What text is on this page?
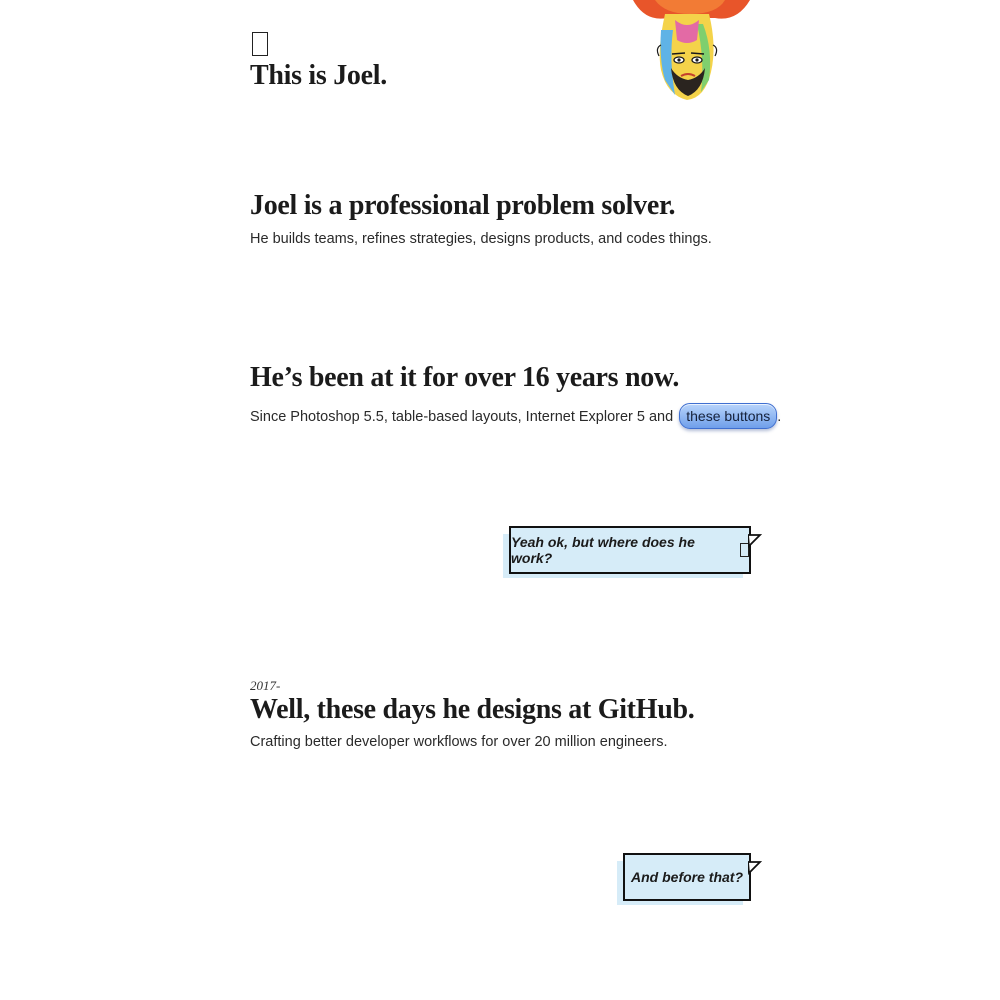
This is Joel.
Joel is a professional problem solver.

He builds teams, refines strategies, designs products, and codes things.

He’s been at it for over 16 years now.

Since Photoshop 5.5, table-based layouts, Internet Explorer 5 and these buttons .

Yeah ok, but where does he work?
2017-
Well, these days he designs at GitHub.

Crafting better developer workflows for over 20 million engineers.

And before that?
